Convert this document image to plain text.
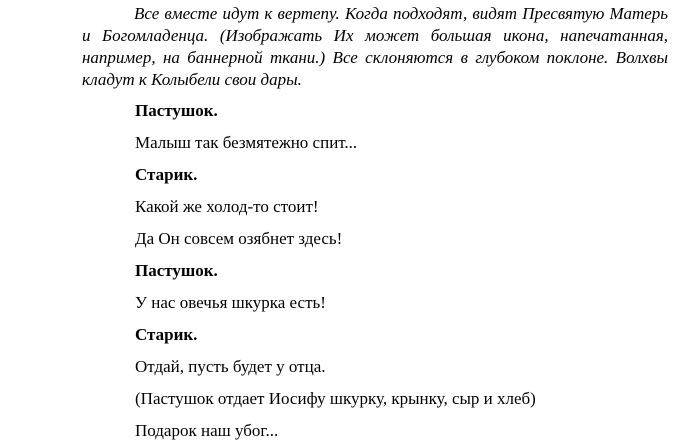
Все вместе идут к вертепу. Когда подходят, видят Пресвятую Матерь и Богомладенца. (Изображать Их может большая икона, напечатанная, например, на баннерной ткани.) Все склоняются в глубоком поклоне. Волхвы кладут к Колыбели свои дары.

Пастушок.

Малыш так безмятежно спит...

Старик.

Какой же холод-то стоит!

Да Он совсем озябнет здесь!

Пастушок.

У нас овечья шкурка есть!

Старик.

Отдай, пусть будет у отца.

(Пастушок отдает Иосифу шкурку, крынку, сыр и хлеб)

Подарок наш убог...
